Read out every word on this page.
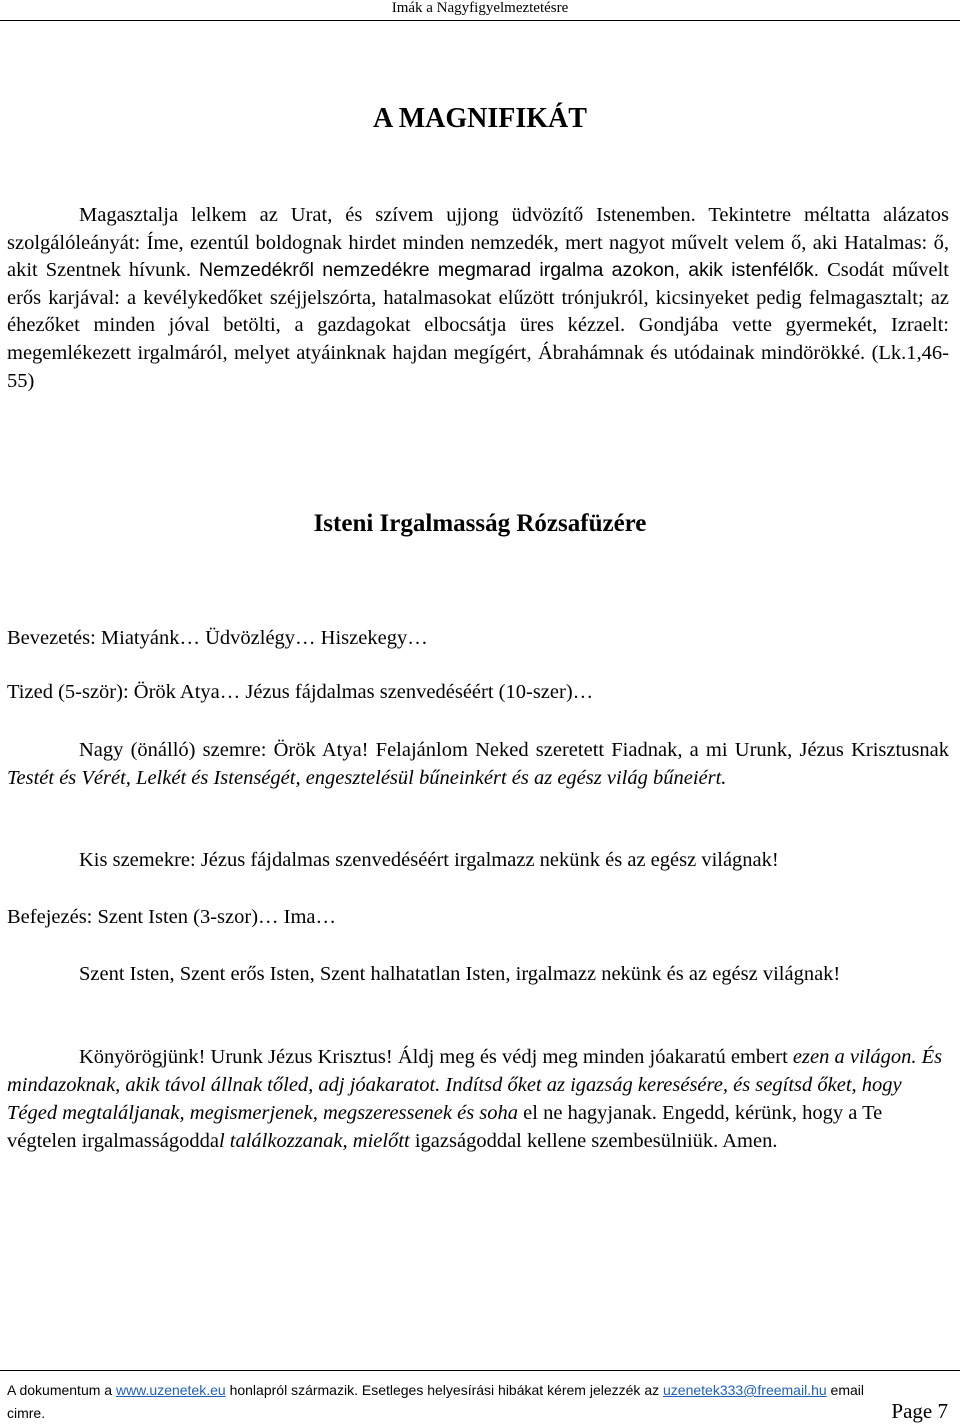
Imák a Nagyfigyelmeztetésre
A MAGNIFIKÁT

Magasztalja lelkem az Urat, és szívem ujjong üdvözítő Istenemben. Tekintetre méltatta alázatos szolgálóleányát: Íme, ezentúl boldognak hirdet minden nemzedék, mert nagyot művelt velem ő, aki Hatalmas: ő, akit Szentnek hívunk. Nemzedékről nemzedékre megmarad irgalma azokon, akik istenfélők. Csodát művelt erős karjával: a kevélykedőket széjjelszórta, hatalmasokat elűzött trónjukról, kicsinyeket pedig felmagasztalt; az éhezőket minden jóval betölti, a gazdagokat elbocsátja üres kézzel. Gondjába vette gyermekét, Izraelt: megemlékezett irgalmáról, melyet atyáinknak hajdan megígért, Ábrahámnak és utódainak mindörökké. (Lk.1,46-55)

Isteni Irgalmasság Rózsafüzére

Bevezetés: Miatyánk… Üdvözlégy… Hiszekegy…

Tized (5-ször): Örök Atya… Jézus fájdalmas szenvedéséért (10-szer)…

Nagy (önálló) szemre: Örök Atya! Felajánlom Neked szeretett Fiadnak, a mi Urunk, Jézus Krisztusnak Testét és Vérét, Lelkét és Istenségét, engesztelésül bűneinkért és az egész világ bűneiért.

Kis szemekre: Jézus fájdalmas szenvedéséért irgalmazz nekünk és az egész világnak!

Befejezés: Szent Isten (3-szor)… Ima…

Szent Isten, Szent erős Isten, Szent halhatatlan Isten, irgalmazz nekünk és az egész világnak!

Könyörögjünk! Urunk Jézus Krisztus! Áldj meg és védj meg minden jóakaratú embert ezen a világon. És mindazoknak, akik távol állnak tőled, adj jóakaratot. Indítsd őket az igazság keresésére, és segítsd őket, hogy Téged megtaláljanak, megismerjenek, megszeressenek és soha el ne hagyjanak. Engedd, kérünk, hogy a Te végtelen irgalmasságoddal találkozzanak, mielőtt igazságoddal kellene szembesülniük. Amen.

A dokumentum a www.uzenetek.eu honlapról származik. Esetleges helyesírási hibákat kérem jelezzék az uzenetek333@freemail.hu email
cimre.	Page 7
